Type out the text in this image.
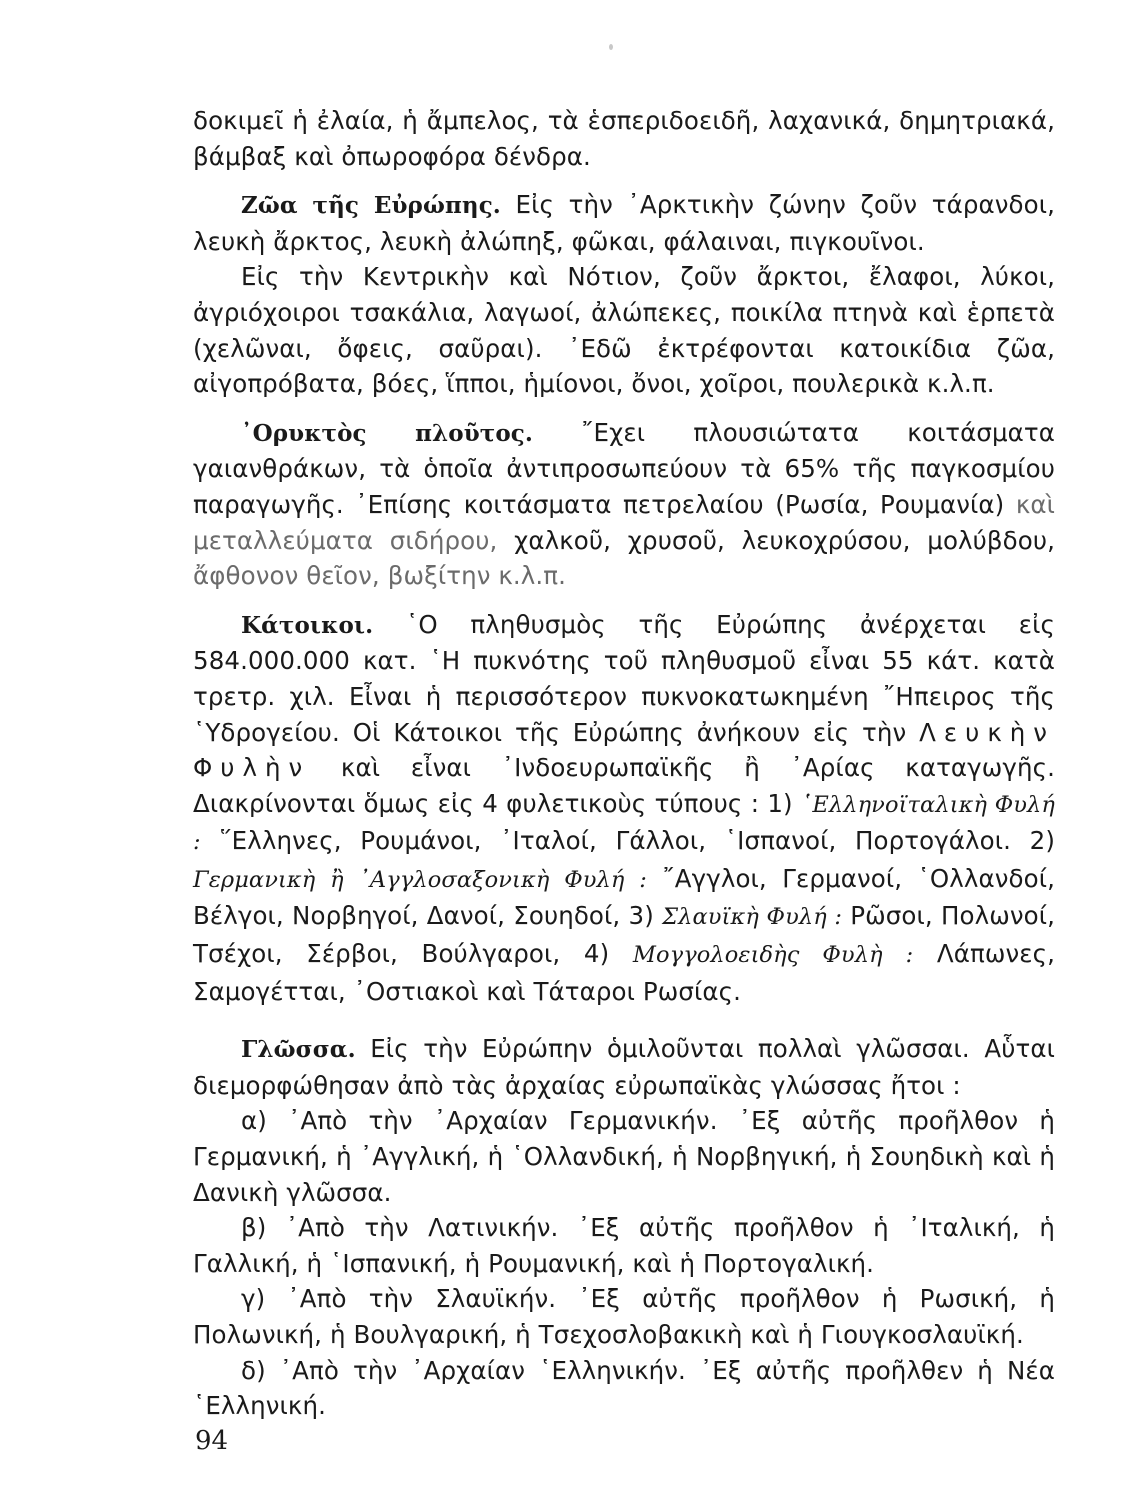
δοκιμεῖ ἡ ἐλαία, ἡ ἄμπελος, τὰ ἑσπεριδοειδῆ, λαχανικά, δημητριακά, βάμβαξ καὶ ὀπωροφόρα δένδρα.

Ζῶα τῆς Εὐρώπης. Εἰς τὴν ᾿Αρκτικὴν ζώνην ζοῦν τάρανδοι, λευκὴ ἄρκτος, λευκὴ ἀλώπηξ, φῶκαι, φάλαιναι, πιγκουῖνοι.

Εἰς τὴν Κεντρικὴν καὶ Νότιον, ζοῦν ἄρκτοι, ἔλαφοι, λύκοι, ἀγριόχοιροι τσακάλια, λαγωοί, ἀλώπεκες, ποικίλα πτηνὰ καὶ ἑρπετὰ (χελῶναι, ὄφεις, σαῦραι). ᾿Εδῶ ἐκτρέφονται κατοικίδια ζῶα, αἰγοπρόβατα, βόες, ἵπποι, ἡμίονοι, ὄνοι, χοῖροι, πουλερικὰ κ.λ.π.

᾿Ορυκτὸς πλοῦτος. ῎Εχει πλουσιώτατα κοιτάσματα γαιανθράκων, τὰ ὁποῖα ἀντιπροσωπεύουν τὰ 65% τῆς παγκοσμίου παραγωγῆς. ᾿Επίσης κοιτάσματα πετρελαίου (Ρωσία, Ρουμανία) καὶ μεταλλεύματα σιδήρου, χαλκοῦ, χρυσοῦ, λευκοχρύσου, μολύβδου, ἄφθονον θεῖον, βωξίτην κ.λ.π.

Κάτοικοι. ῾Ο πληθυσμὸς τῆς Εὐρώπης ἀνέρχεται εἰς 584.000.000 κατ. ῾Η πυκνότης τοῦ πληθυσμοῦ εἶναι 55 κάτ. κατὰ τρετρ. χιλ. Εἶναι ἡ περισσότερον πυκνοκατωκημένη ῎Ηπειρος τῆς ῾Υδρογείου. Οἱ Κάτοικοι τῆς Εὐρώπης ἀνήκουν εἰς τὴν Λευκὴν Φυλὴν καὶ εἶναι ᾿Ινδοευρωπαϊκῆς ἢ ᾿Αρίας καταγωγῆς. Διακρίνονται ὅμως εἰς 4 φυλετικοὺς τύπους : 1) ῾Ελληνοϊταλικὴ Φυλή : ῞Ελληνες, Ρουμάνοι, ᾿Ιταλοί, Γάλλοι, ῾Ισπανοί, Πορτογάλοι. 2) Γερμανικὴ ἢ ᾿Αγγλοσαξονικὴ Φυλή : ῎Αγγλοι, Γερμανοί, ῾Ολλανδοί, Βέλγοι, Νορβηγοί, Δανοί, Σουηδοί, 3) Σλαυϊκὴ Φυλή : Ρῶσοι, Πολωνοί, Τσέχοι, Σέρβοι, Βούλγαροι, 4) Μογγολοειδὴς Φυλὴ : Λάπωνες, Σαμογέτται, ᾿Οστιακοὶ καὶ Τάταροι Ρωσίας.

Γλῶσσα. Εἰς τὴν Εὐρώπην ὁμιλοῦνται πολλαὶ γλῶσσαι. Αὗται διεμορφώθησαν ἀπὸ τὰς ἀρχαίας εὐρωπαϊκὰς γλώσσας ἤτοι :

α) ᾿Απὸ τὴν ᾿Αρχαίαν Γερμανικήν. ᾿Εξ αὐτῆς προῆλθον ἡ Γερμανική, ἡ ᾿Αγγλική, ἡ ῾Ολλανδική, ἡ Νορβηγική, ἡ Σουηδικὴ καὶ ἡ Δανικὴ γλῶσσα.

β) ᾿Απὸ τὴν Λατινικήν. ᾿Εξ αὐτῆς προῆλθον ἡ ᾿Ιταλική, ἡ Γαλλική, ἡ ῾Ισπανική, ἡ Ρουμανική, καὶ ἡ Πορτογαλική.

γ) ᾿Απὸ τὴν Σλαυϊκήν. ᾿Εξ αὐτῆς προῆλθον ἡ Ρωσική, ἡ Πολωνική, ἡ Βουλγαρική, ἡ Τσεχοσλοβακικὴ καὶ ἡ Γιουγκοσλαυϊκή.

δ) ᾿Απὸ τὴν ᾿Αρχαίαν ῾Ελληνικήν. ᾿Εξ αὐτῆς προῆλθεν ἡ Νέα ῾Ελληνική.

94
